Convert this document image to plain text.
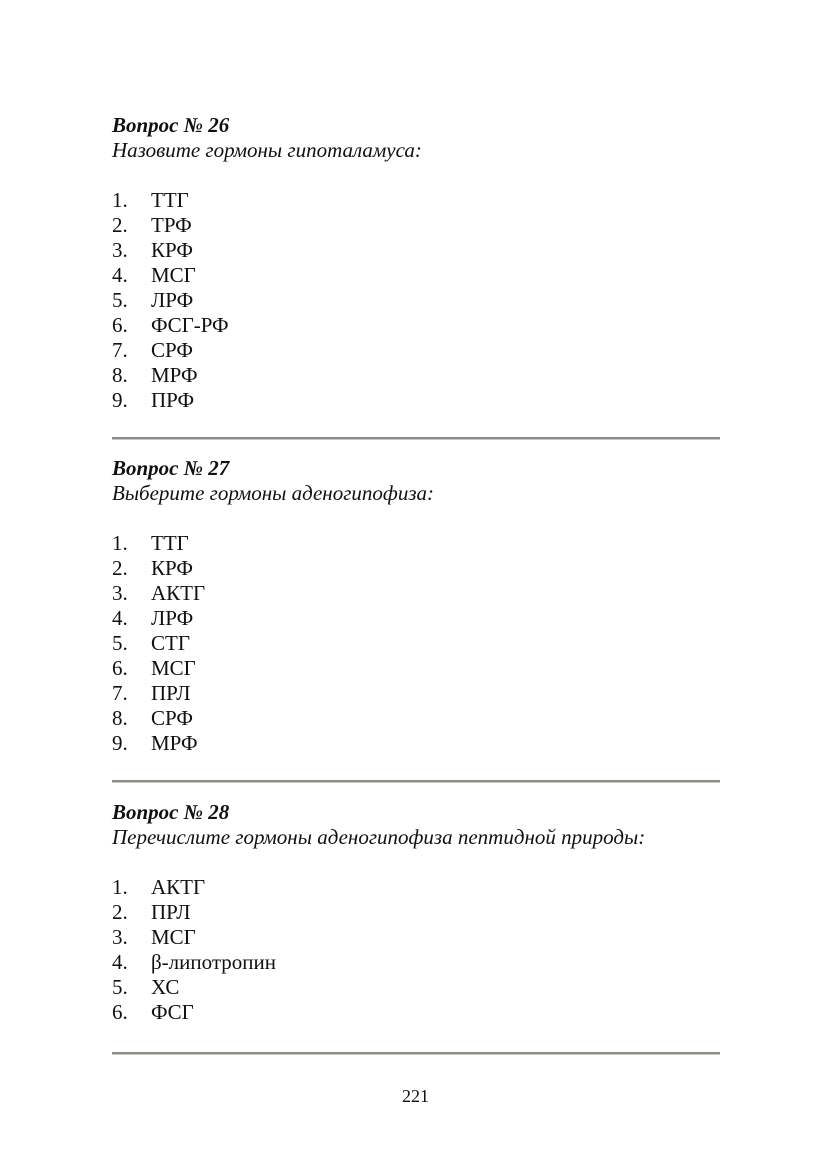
Вопрос № 26
Назовите гормоны гипоталамуса:
1.	ТТГ
2.	ТРФ
3.	КРФ
4.	МСГ
5.	ЛРФ
6.	ФСГ-РФ
7.	СРФ
8.	МРФ
9.	ПРФ
Вопрос № 27
Выберите гормоны аденогипофиза:
1.	ТТГ
2.	КРФ
3.	АКТГ
4.	ЛРФ
5.	СТГ
6.	МСГ
7.	ПРЛ
8.	СРФ
9.	МРФ
Вопрос № 28
Перечислите гормоны аденогипофиза пептидной природы:
1.	АКТГ
2.	ПРЛ
3.	МСГ
4.	β-липотропин
5.	ХС
6.	ФСГ
221
